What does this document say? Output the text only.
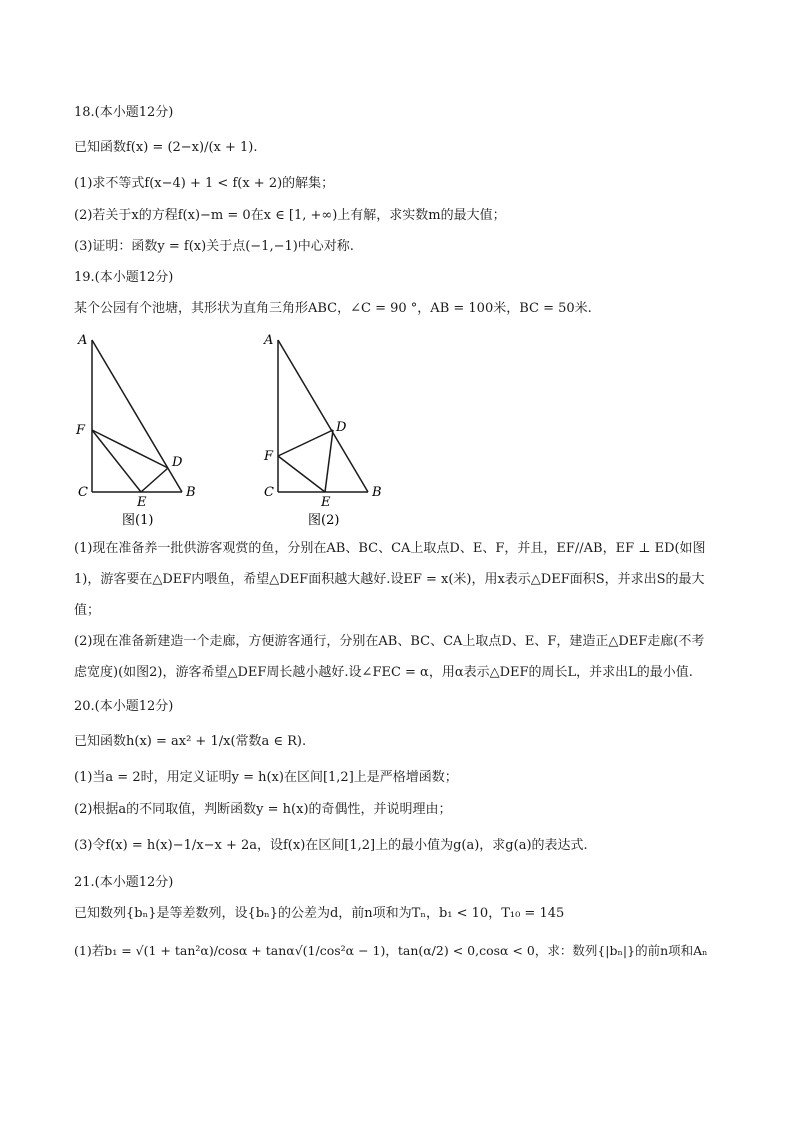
18.(本小题12分)
已知函数f(x) = (2−x)/(x + 1).
(1)求不等式f(x−4) + 1 < f(x + 2)的解集；
(2)若关于x的方程f(x)−m = 0在x ∈ [1, +∞)上有解，求实数m的最大值；
(3)证明：函数y = f(x)关于点(−1,−1)中心对称.
19.(本小题12分)
某个公园有个池塘，其形状为直角三角形ABC，∠C = 90 °，AB = 100米，BC = 50米.
A
F
D
C
E
B
图(1)
A
F
D
C
E
B
图(2)
(1)现在准备养一批供游客观赏的鱼，分别在AB、BC、CA上取点D、E、F，并且，EF//AB，EF ⊥ ED(如图
1)，游客要在△DEF内喂鱼，希望△DEF面积越大越好.设EF = x(米)，用x表示△DEF面积S，并求出S的最大
值；
(2)现在准备新建造一个走廊，方便游客通行，分别在AB、BC、CA上取点D、E、F，建造正△DEF走廊(不考
虑宽度)(如图2)，游客希望△DEF周长越小越好.设∠FEC = α，用α表示△DEF的周长L，并求出L的最小值.
20.(本小题12分)
已知函数h(x) = ax² + 1/x(常数a ∈ R).
(1)当a = 2时，用定义证明y = h(x)在区间[1,2]上是严格增函数；
(2)根据a的不同取值，判断函数y = h(x)的奇偶性，并说明理由；
(3)令f(x) = h(x)−1/x−x + 2a，设f(x)在区间[1,2]上的最小值为g(a)，求g(a)的表达式.
21.(本小题12分)
已知数列{bₙ}是等差数列，设{bₙ}的公差为d，前n项和为Tₙ，b₁ < 10，T₁₀ = 145
(1)若b₁ = √(1 + tan²α)/cosα + tanα√(1/cos²α − 1)，tan(α/2) < 0,cosα < 0，求：数列{|bₙ|}的前n项和Aₙ
